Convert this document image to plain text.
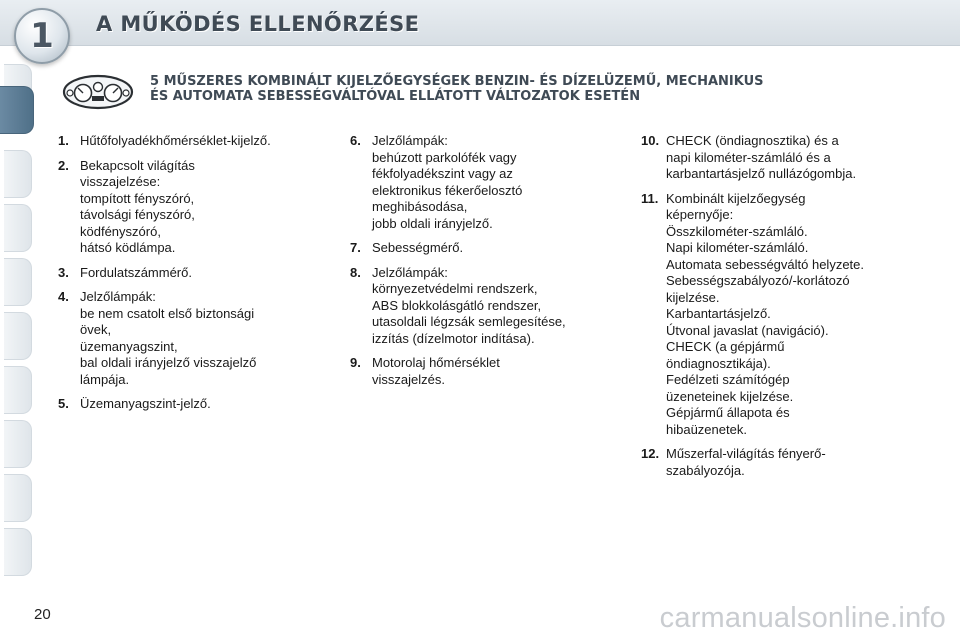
1 A MŰKÖDÉS ELLENŐRZÉSE
5 MŰSZERES KOMBINÁLT KIJELZŐEGYSÉGEK BENZIN- ÉS DÍZELÜZEMŰ, MECHANIKUS
ÉS AUTOMATA SEBESSÉGVÁLTÓVAL ELLÁTOTT VÁLTOZATOK ESETÉN
1. Hűtőfolyadékhőmérséklet-kijelző.
2. Bekapcsolt világítás
visszajelzése:
tompított fényszóró,
távolsági fényszóró,
ködfényszóró,
hátsó ködlámpa.
3. Fordulatszámmérő.
4. Jelzőlámpák:
be nem csatolt első biztonsági
övek,
üzemanyagszint,
bal oldali irányjelző visszajelző
lámpája.
5. Üzemanyagszint-jelző.
6. Jelzőlámpák:
behúzott parkolófék vagy
fékfolyadékszint vagy az
elektronikus fékerőelosztó
meghibásodása,
jobb oldali irányjelző.
7. Sebességmérő.
8. Jelzőlámpák:
környezetvédelmi rendszerk,
ABS blokkolásgátló rendszer,
utasoldali légzsák semlegesítése,
izzítás (dízelmotor indítása).
9. Motorolaj hőmérséklet
visszajelzés.
10. CHECK (öndiagnosztika) és a
napi kilométer-számláló és a
karbantartásjelző nullázógombja.
11. Kombinált kijelzőegység
képernyője:
Összkilométer-számláló.
Napi kilométer-számláló.
Automata sebességváltó helyzete.
Sebességszabályozó/-korlátozó
kijelzése.
Karbantartásjelző.
Útvonal javaslat (navigáció).
CHECK (a gépjármű
öndiagnosztikája).
Fedélzeti számítógép
üzeneteinek kijelzése.
Gépjármű állapota és
hibaüzenetek.
12. Műszerfal-világítás fényerő-
szabályozója.
20	carmanualsonline.info
